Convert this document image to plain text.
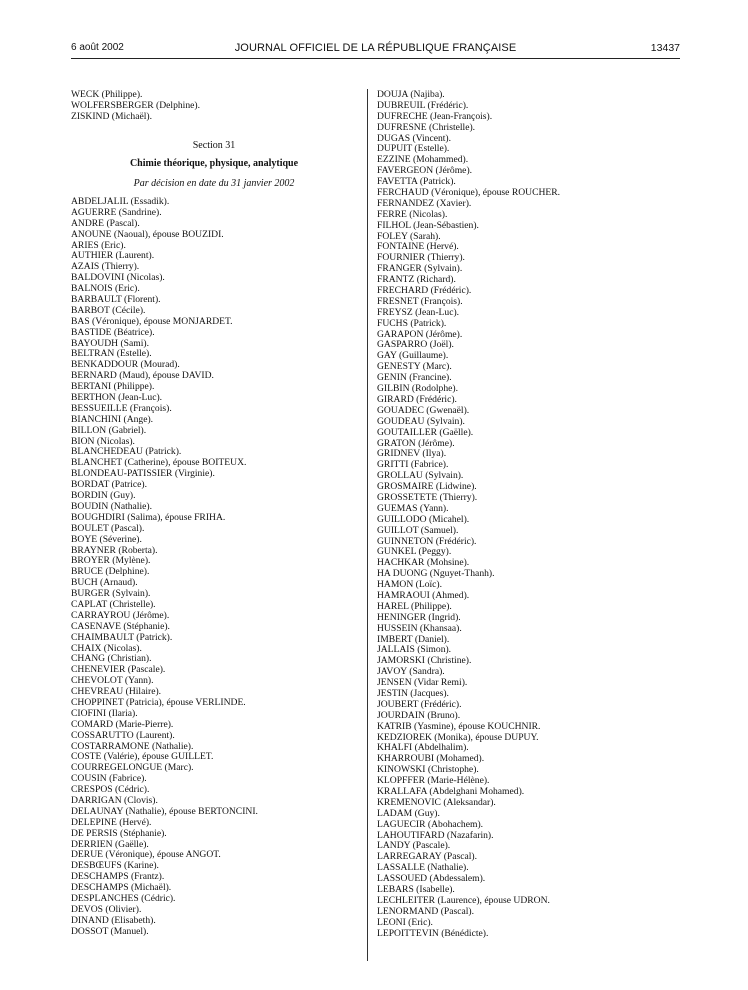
6 août 2002	JOURNAL OFFICIEL DE LA RÉPUBLIQUE FRANÇAISE	13437
WECK (Philippe).
WOLFERSBERGER (Delphine).
ZISKIND (Michaël).
Section 31
Chimie théorique, physique, analytique
Par décision en date du 31 janvier 2002
ABDELJALIL (Essadik).
AGUERRE (Sandrine).
ANDRE (Pascal).
ANOUNE (Naoual), épouse BOUZIDI.
ARIES (Eric).
AUTHIER (Laurent).
AZAIS (Thierry).
BALDOVINI (Nicolas).
BALNOIS (Eric).
BARBAULT (Florent).
BARBOT (Cécile).
BAS (Véronique), épouse MONJARDET.
BASTIDE (Béatrice).
BAYOUDH (Sami).
BELTRAN (Estelle).
BENKADDOUR (Mourad).
BERNARD (Maud), épouse DAVID.
BERTANI (Philippe).
BERTHON (Jean-Luc).
BESSUEILLE (François).
BIANCHINI (Ange).
BILLON (Gabriel).
BION (Nicolas).
BLANCHEDEAU (Patrick).
BLANCHET (Catherine), épouse BOITEUX.
BLONDEAU-PATISSIER (Virginie).
BORDAT (Patrice).
BORDIN (Guy).
BOUDIN (Nathalie).
BOUGHDIRI (Salima), épouse FRIHA.
BOULET (Pascal).
BOYE (Séverine).
BRAYNER (Roberta).
BROYER (Mylène).
BRUCE (Delphine).
BUCH (Arnaud).
BURGER (Sylvain).
CAPLAT (Christelle).
CARRAYROU (Jérôme).
CASENAVE (Stéphanie).
CHAIMBAULT (Patrick).
CHAIX (Nicolas).
CHANG (Christian).
CHENEVIER (Pascale).
CHEVOLOT (Yann).
CHEVREAU (Hilaire).
CHOPPINET (Patricia), épouse VERLINDE.
CIOFINI (Ilaria).
COMARD (Marie-Pierre).
COSSARUTTO (Laurent).
COSTARRAMONE (Nathalie).
COSTE (Valérie), épouse GUILLET.
COURREGELONGUE (Marc).
COUSIN (Fabrice).
CRESPOS (Cédric).
DARRIGAN (Clovis).
DELAUNAY (Nathalie), épouse BERTONCINI.
DELEPINE (Hervé).
DE PERSIS (Stéphanie).
DERRIEN (Gaëlle).
DERUE (Véronique), épouse ANGOT.
DESBŒUFS (Karine).
DESCHAMPS (Frantz).
DESCHAMPS (Michaël).
DESPLANCHES (Cédric).
DEVOS (Olivier).
DINAND (Elisabeth).
DOSSOT (Manuel).
DOUJA (Najiba).
DUBREUIL (Frédéric).
DUFRECHE (Jean-François).
DUFRESNE (Christelle).
DUGAS (Vincent).
DUPUIT (Estelle).
EZZINE (Mohammed).
FAVERGEON (Jérôme).
FAVETTA (Patrick).
FERCHAUD (Véronique), épouse ROUCHER.
FERNANDEZ (Xavier).
FERRE (Nicolas).
FILHOL (Jean-Sébastien).
FOLEY (Sarah).
FONTAINE (Hervé).
FOURNIER (Thierry).
FRANGER (Sylvain).
FRANTZ (Richard).
FRECHARD (Frédéric).
FRESNET (François).
FREYSZ (Jean-Luc).
FUCHS (Patrick).
GARAPON (Jérôme).
GASPARRO (Joël).
GAY (Guillaume).
GENESTY (Marc).
GENIN (Francine).
GILBIN (Rodolphe).
GIRARD (Frédéric).
GOUADEC (Gwenaël).
GOUDEAU (Sylvain).
GOUTAILLER (Gaëlle).
GRATON (Jérôme).
GRIDNEV (Ilya).
GRITTI (Fabrice).
GROLLAU (Sylvain).
GROSMAIRE (Lidwine).
GROSSETETE (Thierry).
GUEMAS (Yann).
GUILLODO (Micahel).
GUILLOT (Samuel).
GUINNETON (Frédéric).
GUNKEL (Peggy).
HACHKAR (Mohsine).
HA DUONG (Nguyet-Thanh).
HAMON (Loïc).
HAMRAOUI (Ahmed).
HAREL (Philippe).
HENINGER (Ingrid).
HUSSEIN (Khansaa).
IMBERT (Daniel).
JALLAIS (Simon).
JAMORSKI (Christine).
JAVOY (Sandra).
JENSEN (Vidar Remi).
JESTIN (Jacques).
JOUBERT (Frédéric).
JOURDAIN (Bruno).
KATRIB (Yasmine), épouse KOUCHNIR.
KEDZIOREK (Monika), épouse DUPUY.
KHALFI (Abdelhalim).
KHARROUBI (Mohamed).
KINOWSKI (Christophe).
KLOPFFER (Marie-Hélène).
KRALLAFA (Abdelghani Mohamed).
KREMENOVIC (Aleksandar).
LADAM (Guy).
LAGUECIR (Abohachem).
LAHOUTIFARD (Nazafarin).
LANDY (Pascale).
LARREGARAY (Pascal).
LASSALLE (Nathalie).
LASSOUED (Abdessalem).
LEBARS (Isabelle).
LECHLEITER (Laurence), épouse UDRON.
LENORMAND (Pascal).
LEONI (Eric).
LEPOITTEVIN (Bénédicte).
